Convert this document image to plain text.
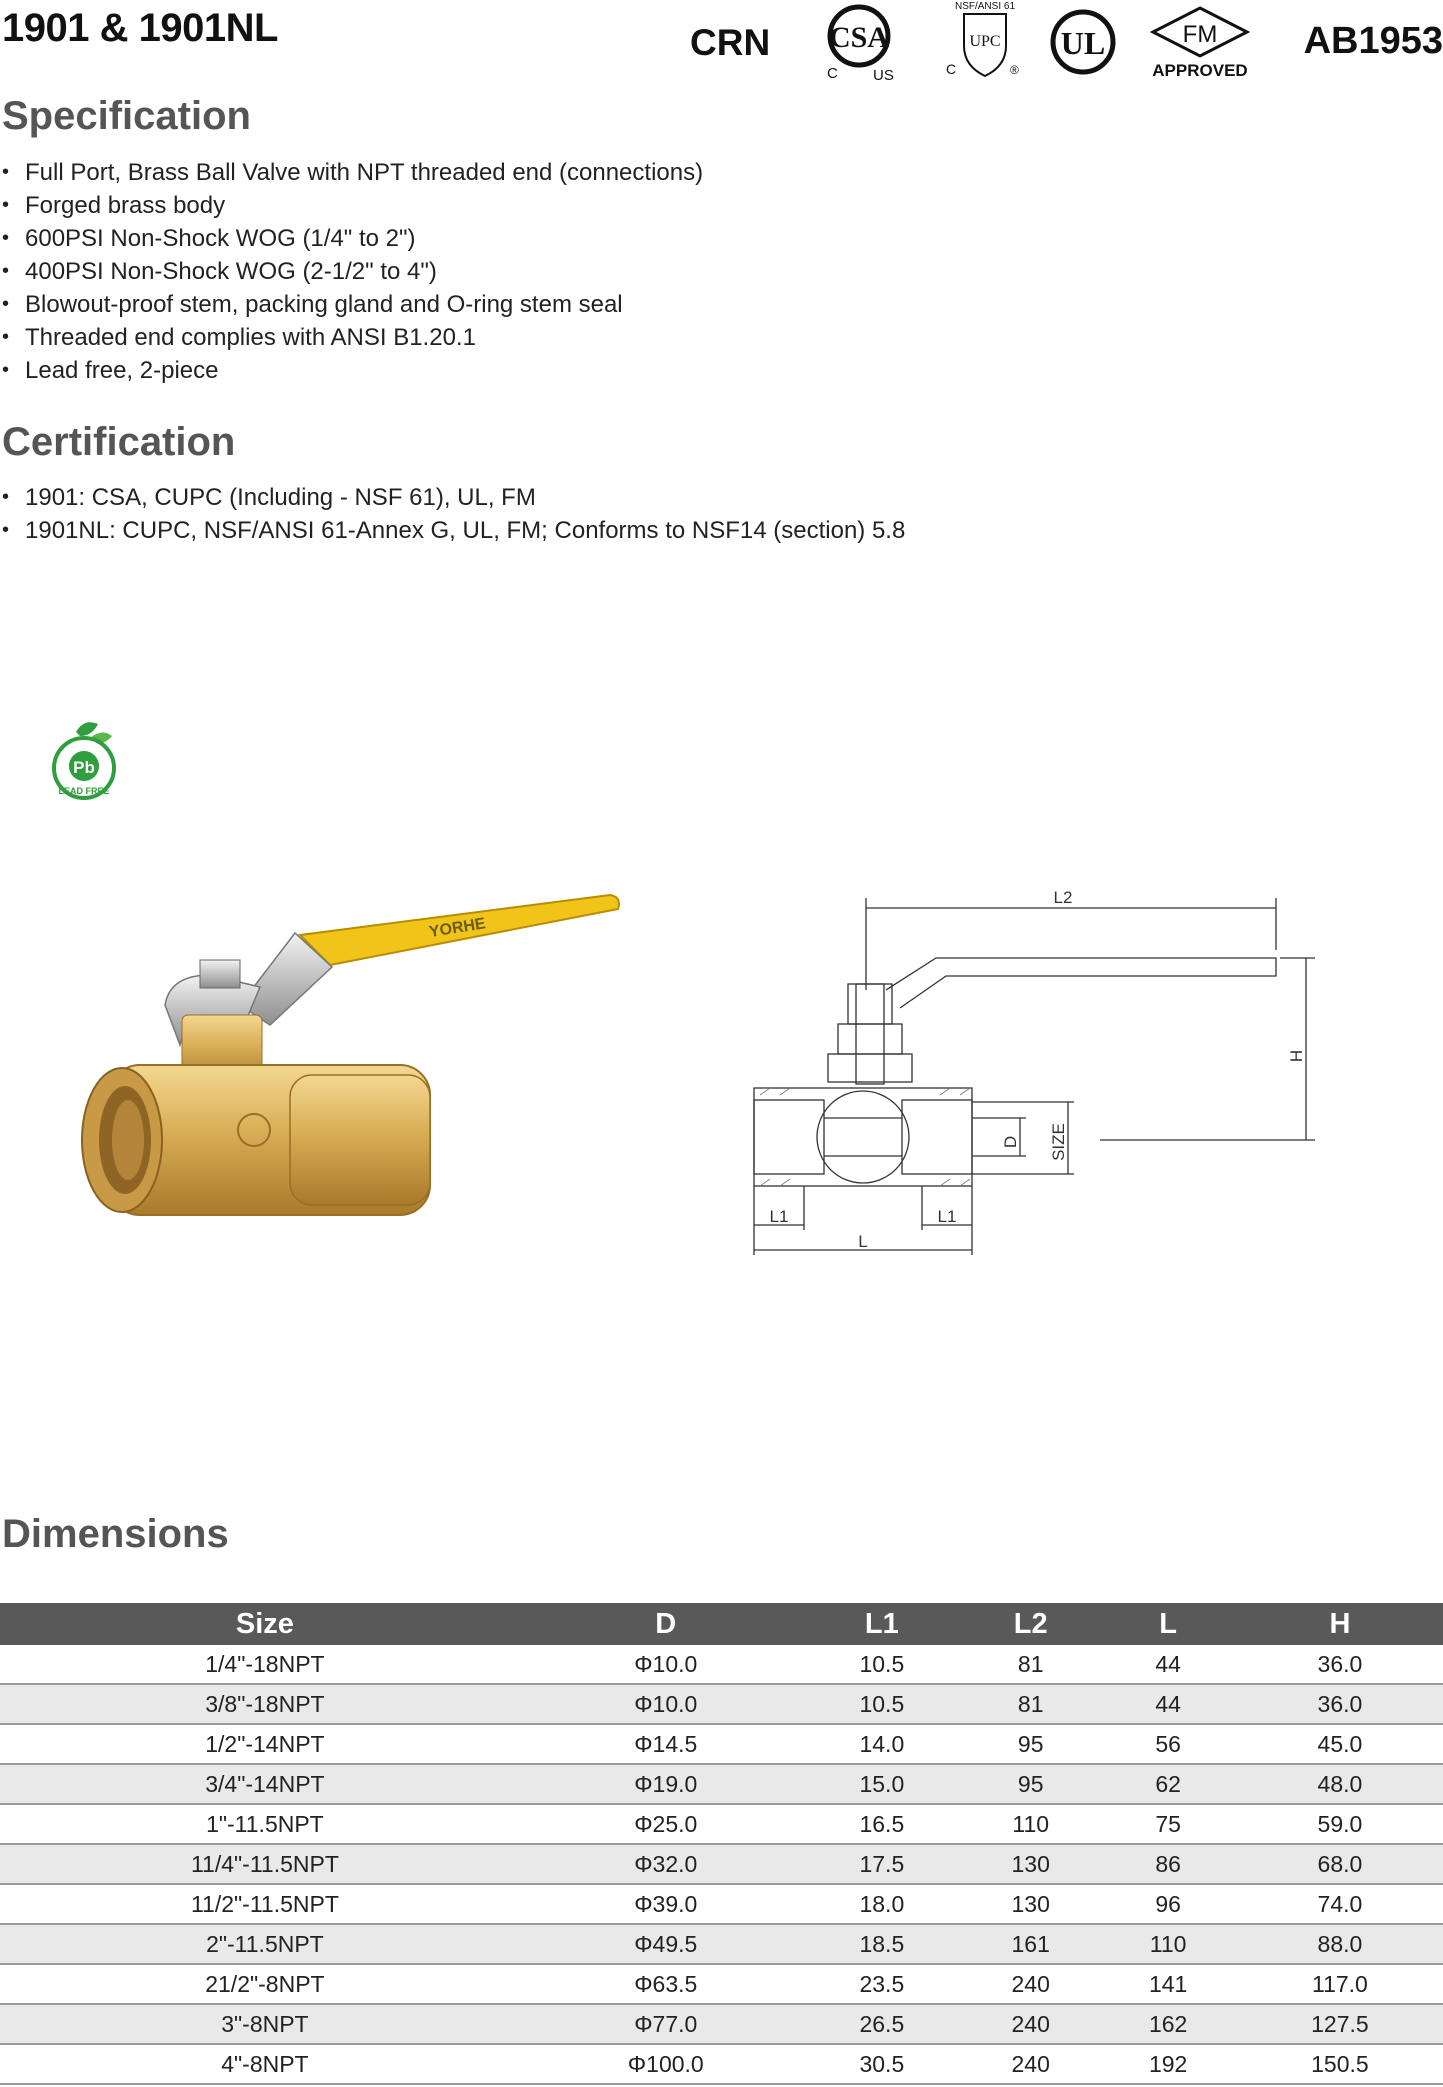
1901 & 1901NL	CRN CSA
C US
NSF/ANSI 61
UPC
C	®
UL	FM
APPROVED
AB1953
Specification
• Full Port, Brass Ball Valve with NPT threaded end (connections)
• Forged brass body
• 600PSI Non-Shock WOG (1/4" to 2")
• 400PSI Non-Shock WOG (2-1/2" to 4")
• Blowout-proof stem, packing gland and O-ring stem seal
• Threaded end complies with ANSI B1.20.1
• Lead free, 2-piece
Certification
• 1901: CSA, CUPC (Including - NSF 61), UL, FM
• 1901NL: CUPC, NSF/ANSI 61-Annex G, UL, FM; Conforms to NSF14 (section) 5.8
Pb
LEAD FREE
YORHE
L2
H
D SIZE
L1	L1
L
Dimensions
Size	D	L1	L2	L	H
1/4"-18NPT	Φ10.0	10.5	81	44	36.0
3/8"-18NPT	Φ10.0	10.5	81	44	36.0
1/2"-14NPT	Φ14.5	14.0	95	56	45.0
3/4"-14NPT	Φ19.0	15.0	95	62	48.0
1"-11.5NPT	Φ25.0	16.5	110	75	59.0
11/4"-11.5NPT	Φ32.0	17.5	130	86	68.0
11/2"-11.5NPT	Φ39.0	18.0	130	96	74.0
2"-11.5NPT	Φ49.5	18.5	161	110	88.0
21/2"-8NPT	Φ63.5	23.5	240	141	117.0
3"-8NPT	Φ77.0	26.5	240	162	127.5
4"-8NPT	Φ100.0	30.5	240	192	150.5
